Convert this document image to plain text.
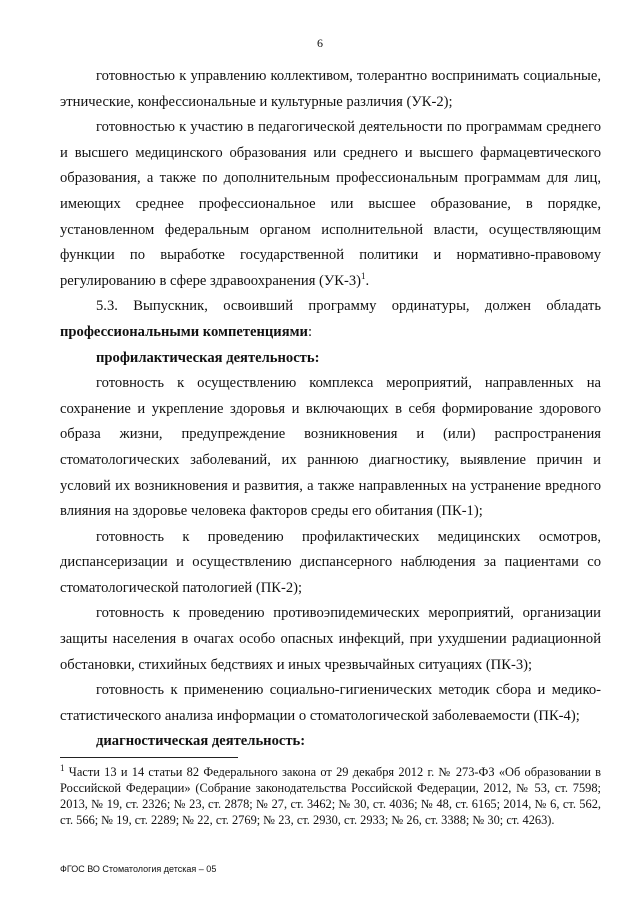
6

готовностью к управлению коллективом, толерантно воспринимать социальные, этнические, конфессиональные и культурные различия (УК-2);

готовностью к участию в педагогической деятельности по программам среднего и высшего медицинского образования или среднего и высшего фармацевтического образования, а также по дополнительным профессиональным программам для лиц, имеющих среднее профессиональное или высшее образование, в порядке, установленном федеральным органом исполнительной власти, осуществляющим функции по выработке государственной политики и нормативно-правовому регулированию в сфере здравоохранения $(УК-3)^1$.

5.3. Выпускник, освоивший программу ординатуры, должен обладать профессиональными компетенциями:

профилактическая деятельность:

готовность к осуществлению комплекса мероприятий, направленных на сохранение и укрепление здоровья и включающих в себя формирование здорового образа жизни, предупреждение возникновения и (или) распространения стоматологических заболеваний, их раннюю диагностику, выявление причин и условий их возникновения и развития, а также направленных на устранение вредного влияния на здоровье человека факторов среды его обитания (ПК-1);

готовность к проведению профилактических медицинских осмотров, диспансеризации и осуществлению диспансерного наблюдения за пациентами со стоматологической патологией (ПК-2);

готовность к проведению противоэпидемических мероприятий, организации защиты населения в очагах особо опасных инфекций, при ухудшении радиационной обстановки, стихийных бедствиях и иных чрезвычайных ситуациях (ПК-3);

готовность к применению социально-гигиенических методик сбора и медико-статистического анализа информации о стоматологической заболеваемости (ПК-4);

диагностическая деятельность:

$^1$ Части 13 и 14 статьи 82 Федерального закона от 29 декабря 2012 г. № 273-ФЗ «Об образовании в Российской Федерации» (Собрание законодательства Российской Федерации, 2012, № 53, ст. 7598; 2013, № 19, ст. 2326; № 23, ст. 2878; № 27, ст. 3462; № 30, ст. 4036; № 48, ст. 6165; 2014, № 6, ст. 562, ст. 566; № 19, ст. 2289; № 22, ст. 2769; № 23, ст. 2930, ст. 2933; № 26, ст. 3388; № 30; ст. 4263).
ФГОС ВО Стоматология детская – 05
